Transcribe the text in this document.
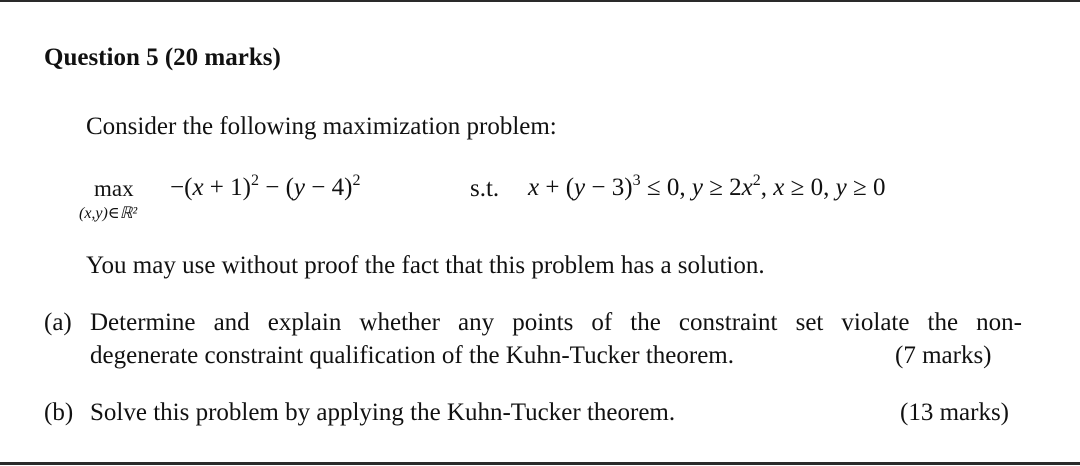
Question 5 (20 marks)
Consider the following maximization problem:
max
(x,y)∈ℝ²
$-(x + 1)^2 - (y - 4)^2$	s.t. $x + (y - 3)^3 \le 0$, $y \ge 2x^2$, x ≥ 0, y ≥ 0
You may use without proof the fact that this problem has a solution.
(a) Determine and explain whether any points of the constraint set violate the non-
degenerate constraint qualification of the Kuhn-Tucker theorem.	(7 marks)
(b) Solve this problem by applying the Kuhn-Tucker theorem.	(13 marks)
